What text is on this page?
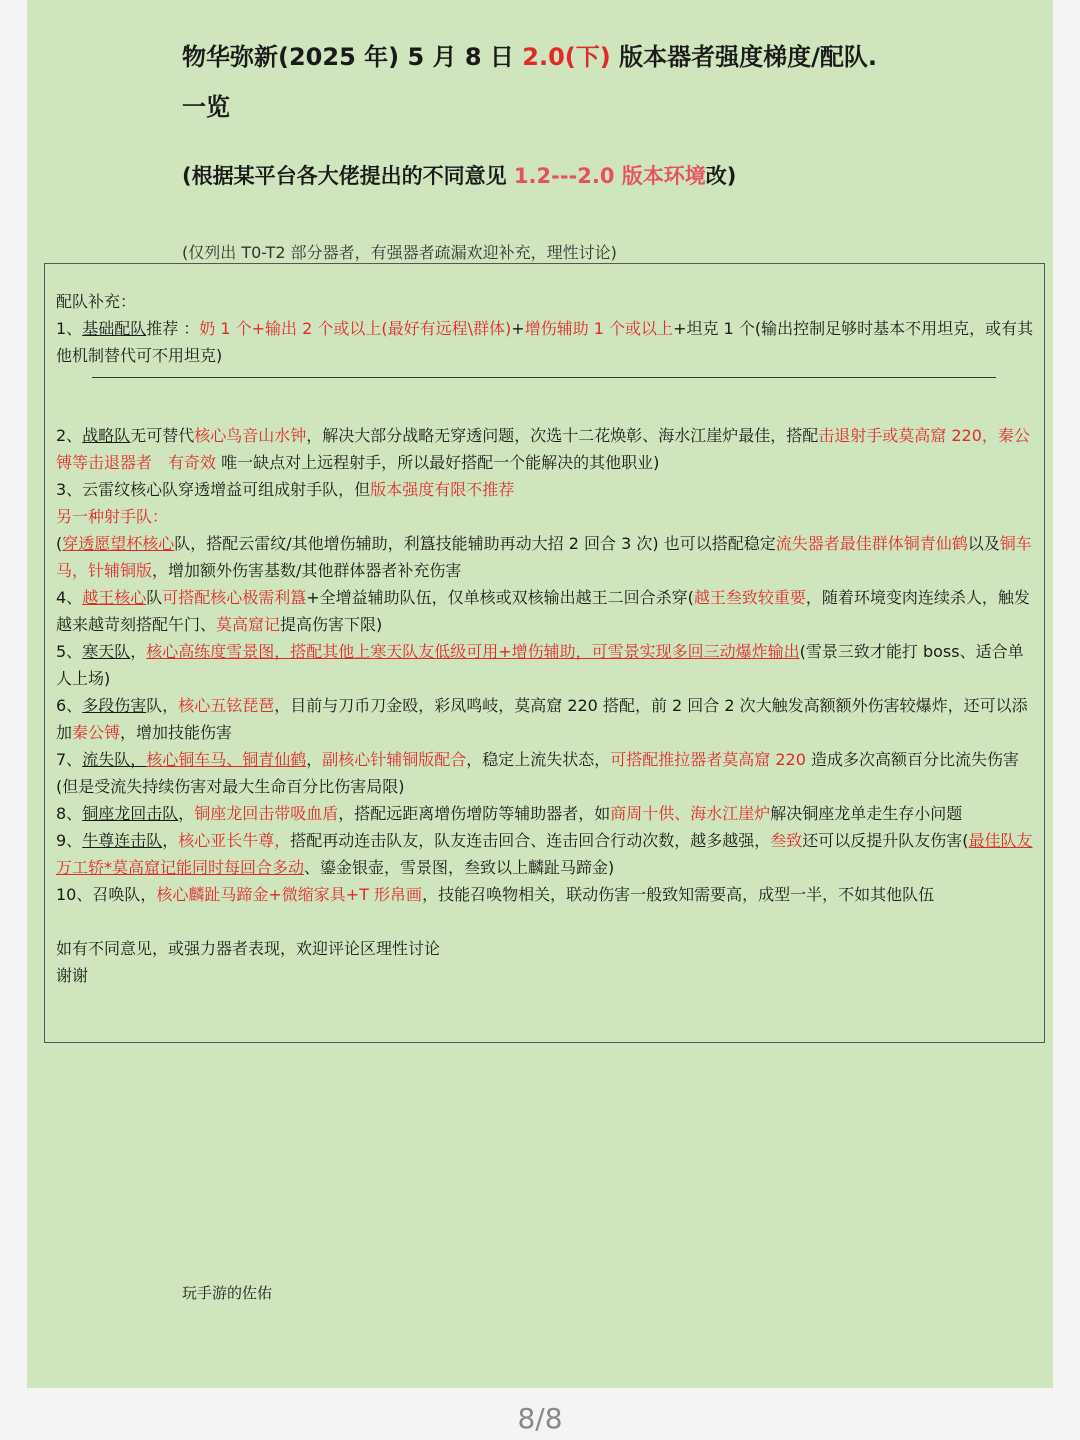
物华弥新(2025 年) 5 月 8 日 2.0(下) 版本器者强度梯度/配队.
一览

(根据某平台各大佬提出的不同意见 1.2---2.0 版本环境改)

(仅列出 T0-T2 部分器者，有强器者疏漏欢迎补充，理性讨论)

配队补充：

1、基础配队推荐 ：奶 1 个+输出 2 个或以上(最好有远程\群体)+增伤辅助 1 个或以上+坦克 1 个(输出控制足够时基本不用坦克，或有其他机制替代可不用坦克)

2、战略队无可替代核心鸟音山水钟，解决大部分战略无穿透问题，次选十二花焕彰、海水江崖炉最佳，搭配击退射手或莫高窟 220，秦公镈等击退器者　有奇效 唯一缺点对上远程射手，所以最好搭配一个能解决的其他职业)

3、云雷纹核心队穿透增益可组成射手队，但版本强度有限不推荐

另一种射手队：

(穿透愿望杯核心队，搭配云雷纹/其他增伤辅助，利簋技能辅助再动大招 2 回合 3 次) 也可以搭配稳定流失器者最佳群体铜青仙鹤以及铜车马，针辅铜版，增加额外伤害基数/其他群体器者补充伤害

4、越王核心队可搭配核心极需利簋+全增益辅助队伍，仅单核或双核输出越王二回合杀穿(越王叁致较重要，随着环境变肉连续杀人，触发越来越苛刻搭配午门、莫高窟记提高伤害下限)

5、寒天队，核心高练度雪景图，搭配其他上寒天队友低级可用+增伤辅助，可雪景实现多回三动爆炸输出(雪景三致才能打 boss、适合单人上场)

6、多段伤害队，核心五铉琵琶，目前与刀币刀金殴，彩凤鸣岐，莫高窟 220 搭配，前 2 回合 2 次大触发高额额外伤害较爆炸，还可以添加秦公镈，增加技能伤害

7、流失队，核心铜车马、铜青仙鹤，副核心针辅铜版配合，稳定上流失状态，可搭配推拉器者莫高窟 220 造成多次高额百分比流失伤害

(但是受流失持续伤害对最大生命百分比伤害局限)

8、铜座龙回击队，铜座龙回击带吸血盾，搭配远距离增伤增防等辅助器者，如商周十供、海水江崖炉解决铜座龙单走生存小问题

9、牛尊连击队，核心亚长牛尊，搭配再动连击队友，队友连击回合、连击回合行动次数，越多越强，叁致还可以反提升队友伤害(最佳队友万工轿*莫高窟记能同时每回合多动、鎏金银壶，雪景图，叁致以上麟趾马蹄金)

10、召唤队，核心麟趾马蹄金+微缩家具+T 形帛画，技能召唤物相关，联动伤害一般致知需要高，成型一半，不如其他队伍

如有不同意见，或强力器者表现，欢迎评论区理性讨论

谢谢

玩手游的佐佑

8/8
